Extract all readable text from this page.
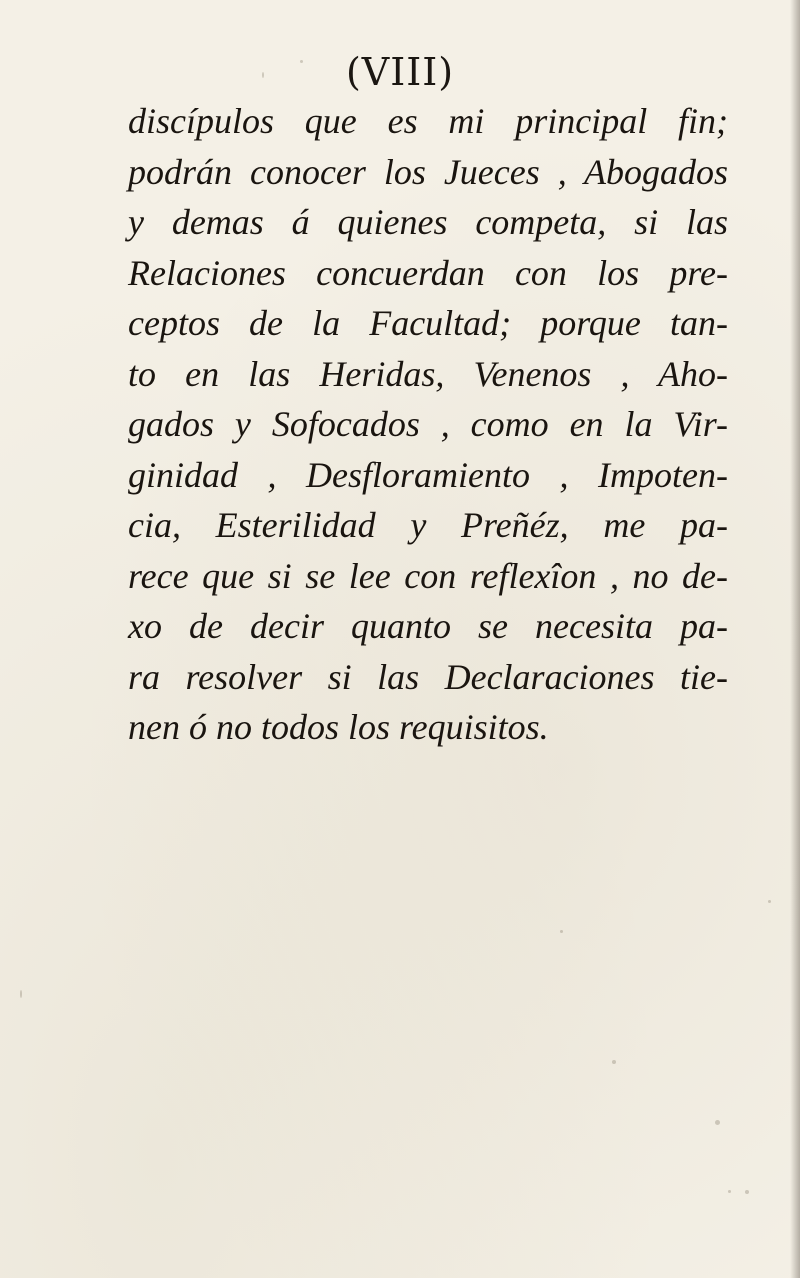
(VIII)
discípulos que es mi principal fin;
podrán conocer los Jueces , Abogados
y demas á quienes competa, si las
Relaciones concuerdan con los pre-
ceptos de la Facultad; porque tan-
to en las Heridas, Venenos , Aho-
gados y Sofocados , como en la Vir-
ginidad , Desfloramiento , Impoten-
cia, Esterilidad y Preñéz, me pa-
rece que si se lee con reflexîon , no de-
xo de decir quanto se necesita pa-
ra resolver si las Declaraciones tie-
nen ó no todos los requisitos.
